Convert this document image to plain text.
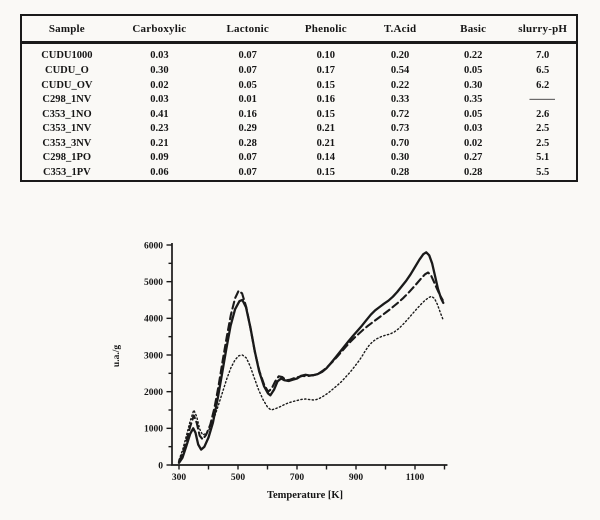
Sample	Carboxylic	Lactonic	Phenolic	T.Acid	Basic	slurry-pH
CUDU1000	0.03	0.07	0.10	0.20	0.22	7.0
CUDU_O	0.30	0.07	0.17	0.54	0.05	6.5
CUDU_OV	0.02	0.05	0.15	0.22	0.30	6.2
C298_1NV	0.03	0.01	0.16	0.33	0.35	—
C353_1NO	0.41	0.16	0.15	0.72	0.05	2.6
C353_1NV	0.23	0.29	0.21	0.73	0.03	2.5
C353_3NV	0.21	0.28	0.21	0.70	0.02	2.5
C298_1PO	0.09	0.07	0.14	0.30	0.27	5.1
C353_1PV	0.06	0.07	0.15	0.28	0.28	5.5
300	500	700	900	1100
0
1000
2000
3000
4000
5000
6000
Temperature [K]
u.a./g
